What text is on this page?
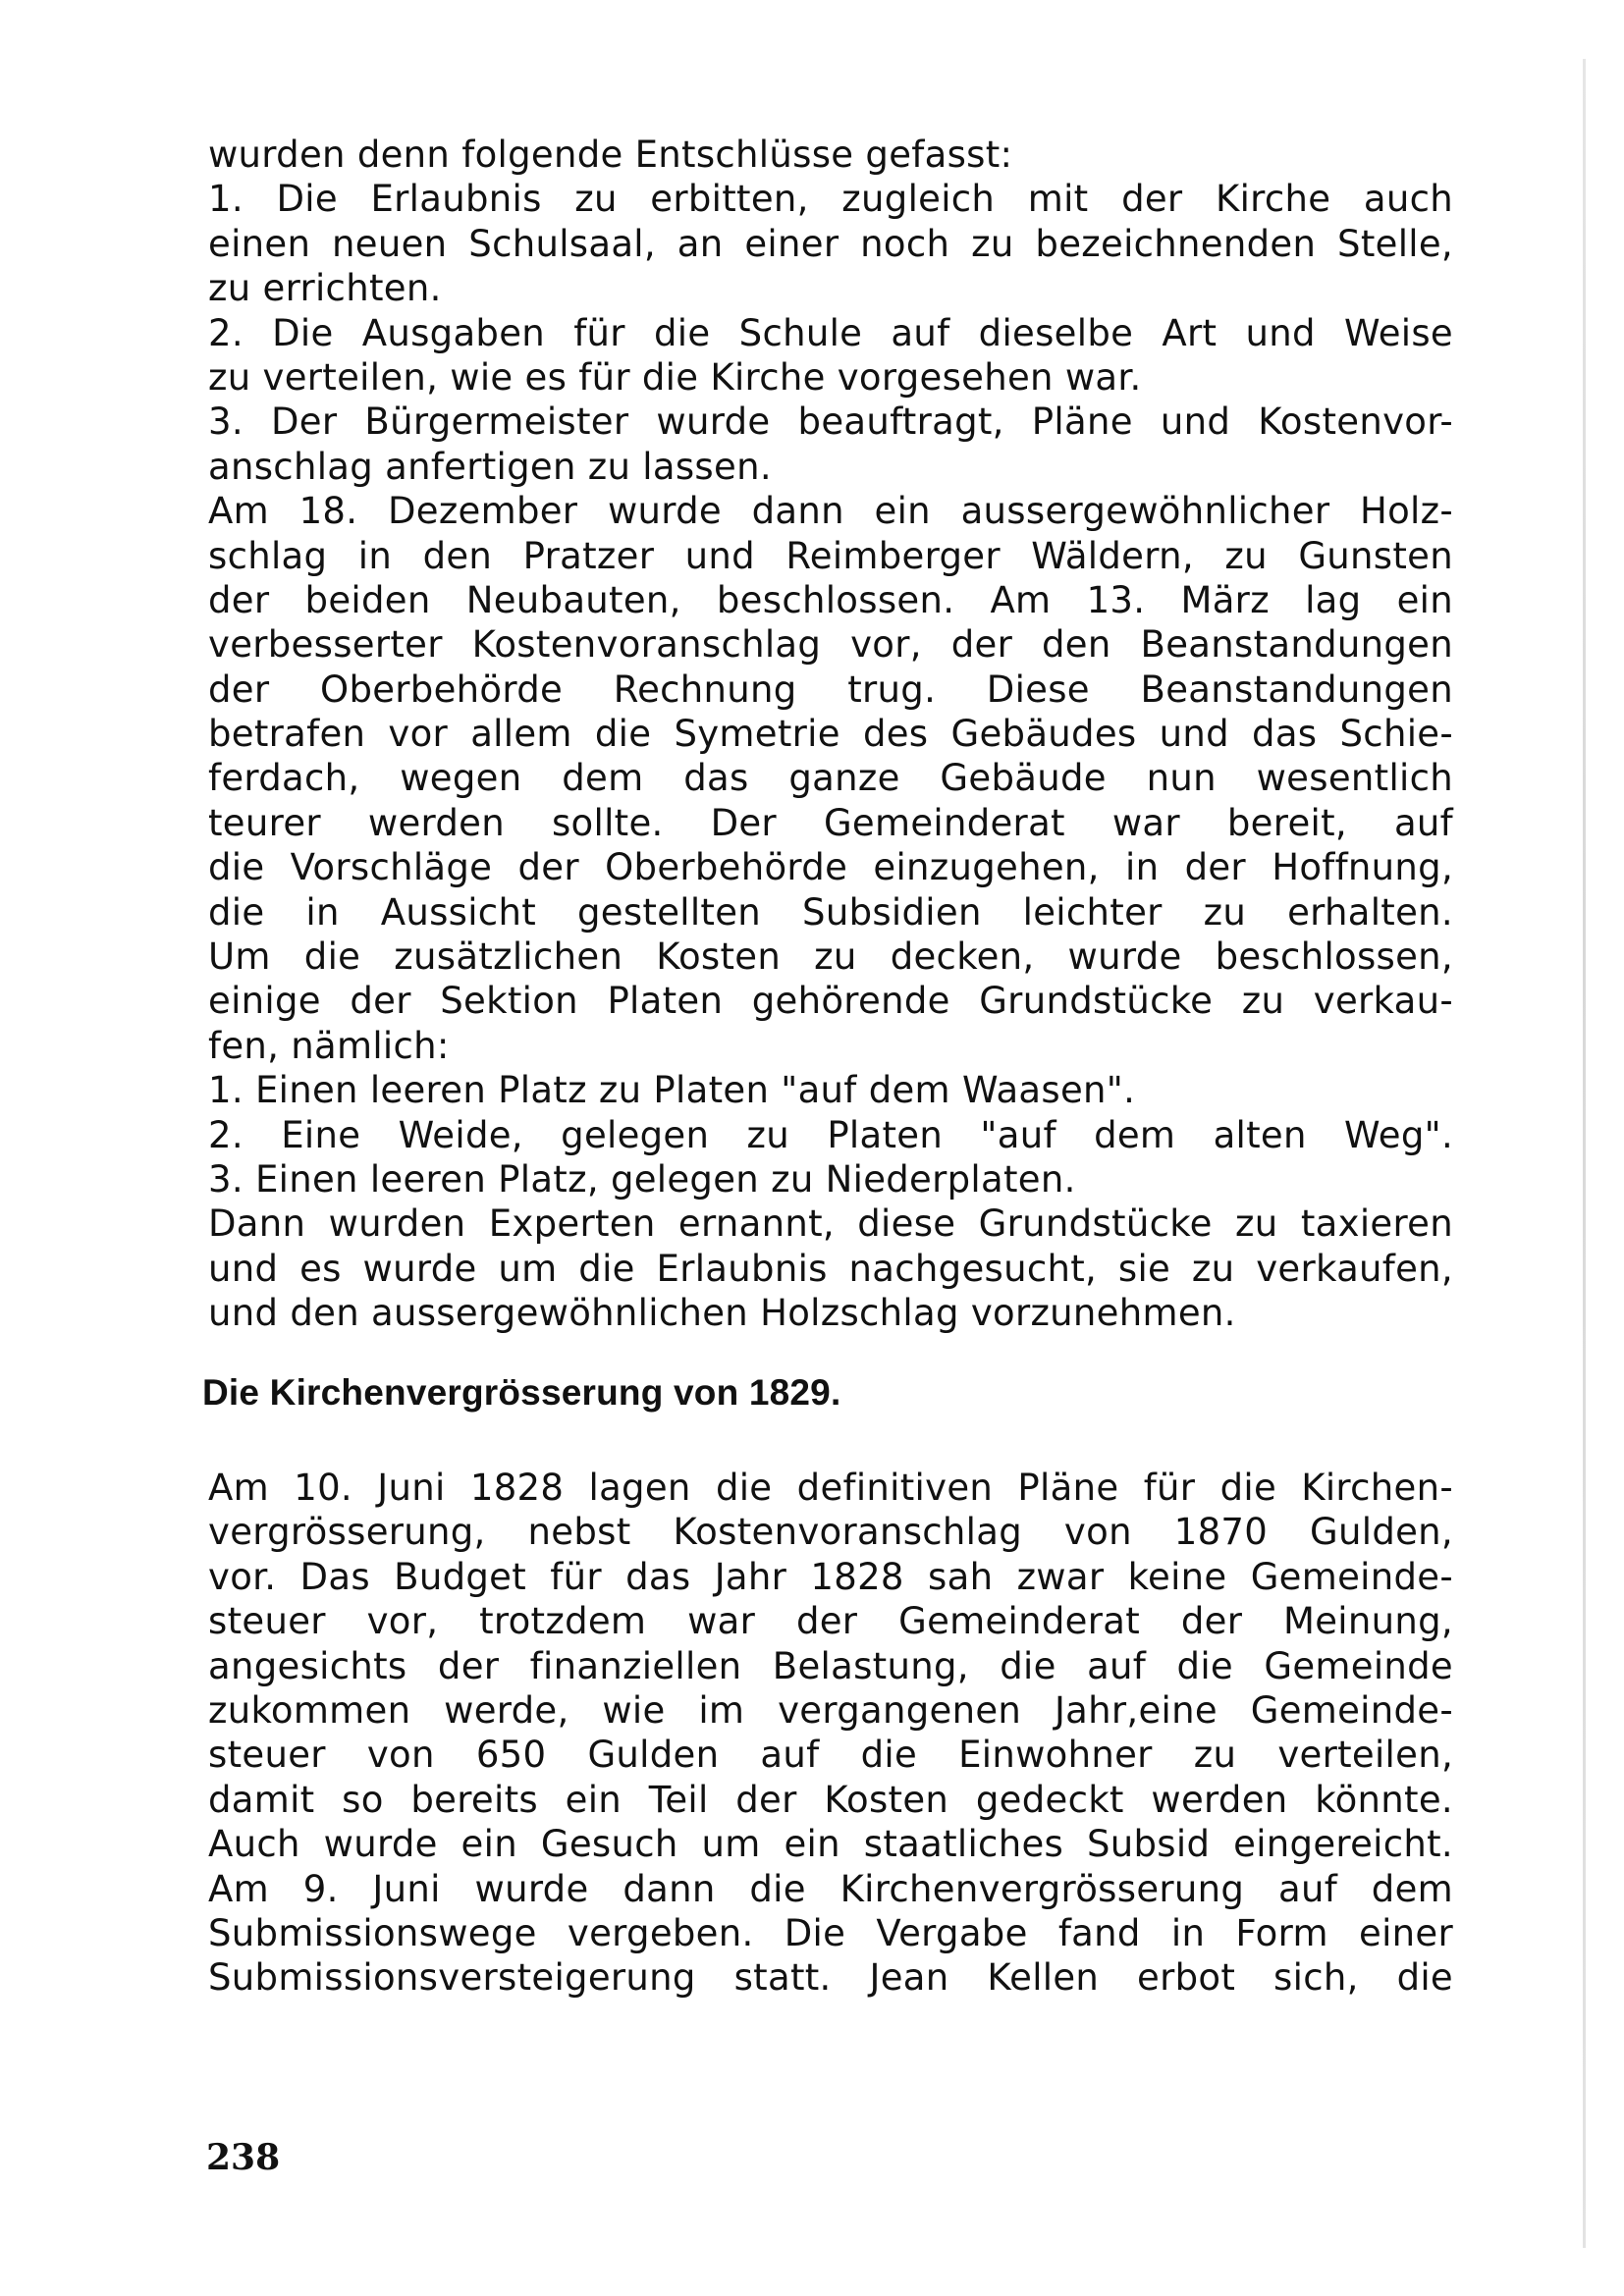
wurden denn folgende Entschlüsse gefasst:
1. Die Erlaubnis zu erbitten, zugleich mit der Kirche auch
einen neuen Schulsaal, an einer noch zu bezeichnenden Stelle,
zu errichten.
2. Die Ausgaben für die Schule auf dieselbe Art und Weise
zu verteilen, wie es für die Kirche vorgesehen war.
3. Der Bürgermeister wurde beauftragt, Pläne und Kostenvor-
anschlag anfertigen zu lassen.
Am 18. Dezember wurde dann ein aussergewöhnlicher Holz-
schlag in den Pratzer und Reimberger Wäldern, zu Gunsten
der beiden Neubauten, beschlossen. Am 13. März lag ein
verbesserter Kostenvoranschlag vor, der den Beanstandungen
der Oberbehörde Rechnung trug. Diese Beanstandungen
betrafen vor allem die Symetrie des Gebäudes und das Schie-
ferdach, wegen dem das ganze Gebäude nun wesentlich
teurer werden sollte. Der Gemeinderat war bereit, auf
die Vorschläge der Oberbehörde einzugehen, in der Hoffnung,
die in Aussicht gestellten Subsidien leichter zu erhalten.
Um die zusätzlichen Kosten zu decken, wurde beschlossen,
einige der Sektion Platen gehörende Grundstücke zu verkau-
fen, nämlich:
1. Einen leeren Platz zu Platen "auf dem Waasen".
2. Eine Weide, gelegen zu Platen "auf dem alten Weg".
3. Einen leeren Platz, gelegen zu Niederplaten.
Dann wurden Experten ernannt, diese Grundstücke zu taxieren
und es wurde um die Erlaubnis nachgesucht, sie zu verkaufen,
und den aussergewöhnlichen Holzschlag vorzunehmen.
Die Kirchenvergrösserung von 1829.
Am 10. Juni 1828 lagen die definitiven Pläne für die Kirchen-
vergrösserung, nebst Kostenvoranschlag von 1870 Gulden,
vor. Das Budget für das Jahr 1828 sah zwar keine Gemeinde-
steuer vor, trotzdem war der Gemeinderat der Meinung,
angesichts der finanziellen Belastung, die auf die Gemeinde
zukommen werde, wie im vergangenen Jahr,eine Gemeinde-
steuer von 650 Gulden auf die Einwohner zu verteilen,
damit so bereits ein Teil der Kosten gedeckt werden könnte.
Auch wurde ein Gesuch um ein staatliches Subsid eingereicht.
Am 9. Juni wurde dann die Kirchenvergrösserung auf dem
Submissionswege vergeben. Die Vergabe fand in Form einer
Submissionsversteigerung statt. Jean Kellen erbot sich, die
238
